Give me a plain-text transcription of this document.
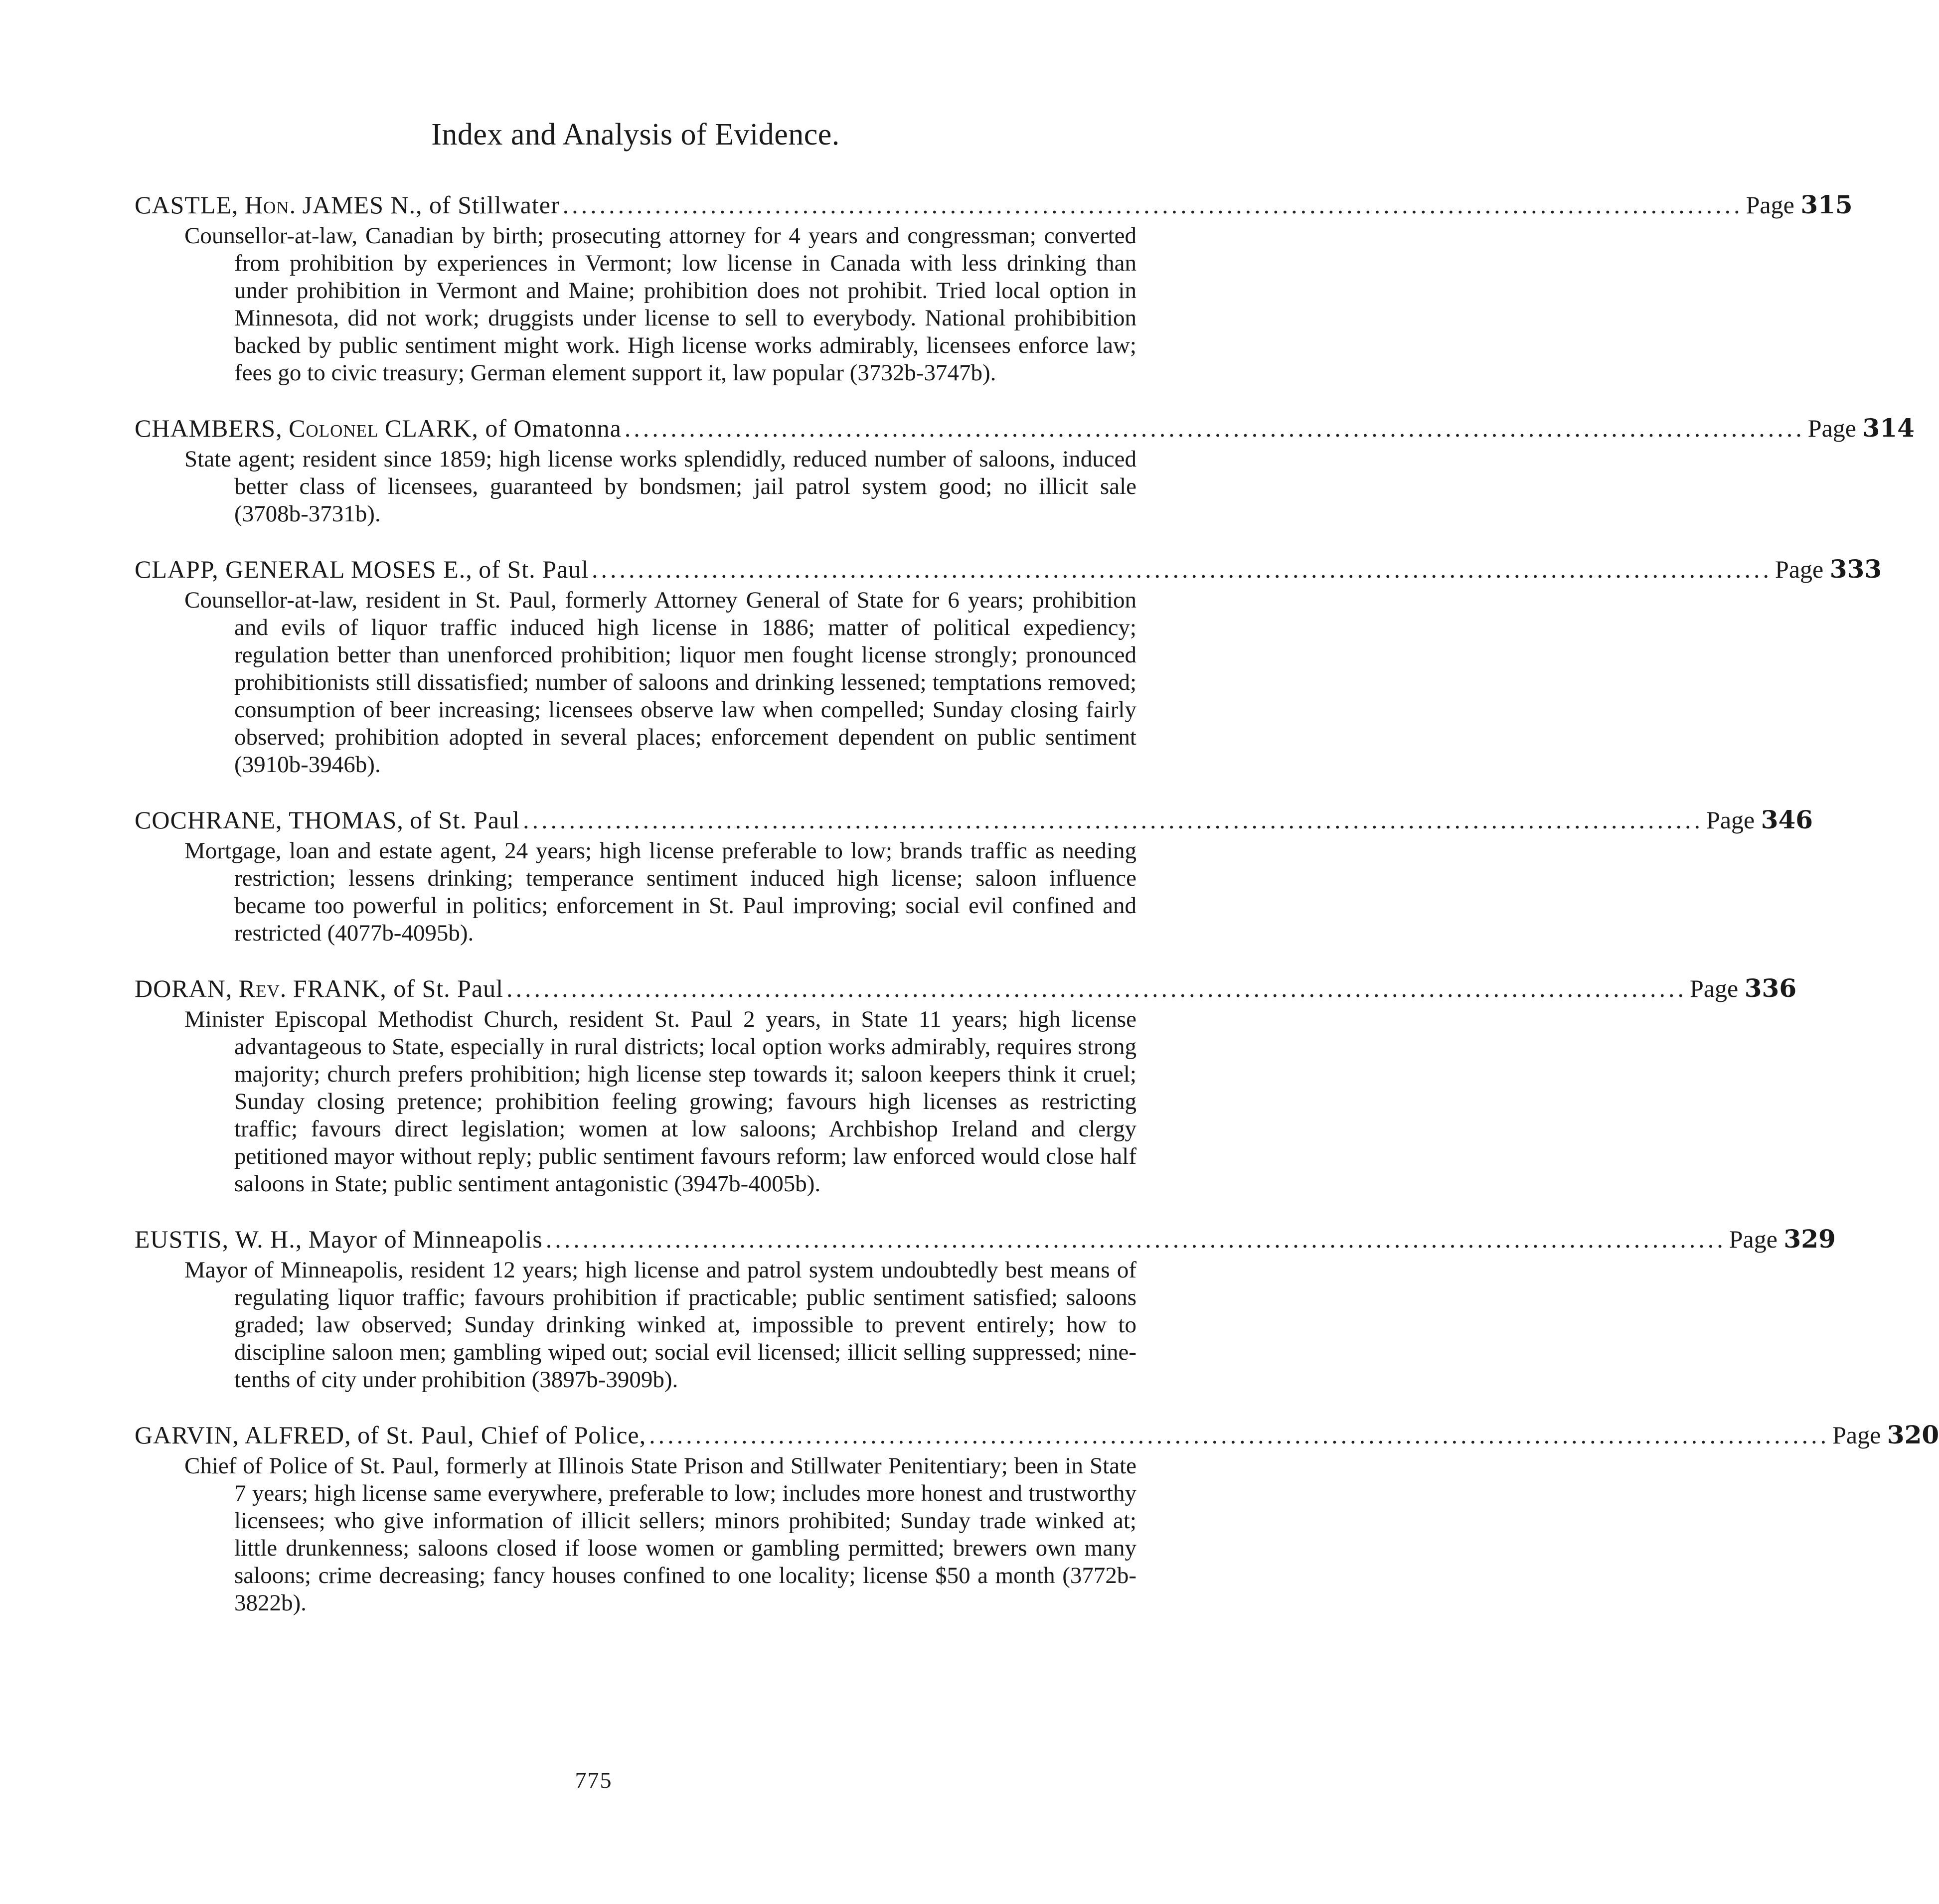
Index and Analysis of Evidence.
CASTLE,
Hon.
JAMES N., of Stillwater ................................................................................................................................ Page 315
Counsellor-at-law, Canadian by birth; prosecuting attorney for 4 years and congressman; converted from prohibition by experiences in Vermont; low license in Canada with less drinking than under prohibition in Vermont and Maine; prohibition does not prohibit. Tried local option in Minnesota, did not work; druggists under license to sell to everybody. National prohibibition backed by public sentiment might work. High license works admirably, licensees enforce law; fees go to civic treasury; German element support it, law popular (3732b-3747b).
CHAMBERS,
Colonel
CLARK, of Omatonna ................................................................................................................................ Page 314
State agent; resident since 1859; high license works splendidly, reduced number of saloons, induced better class of licensees, guaranteed by bondsmen; jail patrol system good; no illicit sale (3708b-3731b).
CLAPP, GENERAL MOSES E.,
of St. Paul ................................................................................................................................ Page 333
Counsellor-at-law, resident in St. Paul, formerly Attorney General of State for 6 years; prohibition and evils of liquor traffic induced high license in 1886; matter of political expediency; regulation better than unenforced prohibition; liquor men fought license strongly; pronounced prohibitionists still dissatisfied; number of saloons and drinking lessened; temptations removed; consumption of beer increasing; licensees observe law when compelled; Sunday closing fairly observed; prohibition adopted in several places; enforcement dependent on public sentiment (3910b-3946b).
COCHRANE, THOMAS,
of St. Paul ................................................................................................................................ Page 346
Mortgage, loan and estate agent, 24 years; high license preferable to low; brands traffic as needing restriction; lessens drinking; temperance sentiment induced high license; saloon influence became too powerful in politics; enforcement in St. Paul improving; social evil confined and restricted (4077b-4095b).
DORAN,
Rev.
FRANK, of St. Paul ................................................................................................................................ Page 336
Minister Episcopal Methodist Church, resident St. Paul 2 years, in State 11 years; high license advantageous to State, especially in rural districts; local option works admirably, requires strong majority; church prefers prohibition; high license step towards it; saloon keepers think it cruel; Sunday closing pretence; prohibition feeling growing; favours high licenses as restricting traffic; favours direct legislation; women at low saloons; Archbishop Ireland and clergy petitioned mayor without reply; public sentiment favours reform; law enforced would close half saloons in State; public sentiment antagonistic (3947b-4005b).
EUSTIS, W. H.,
Mayor of Minneapolis ................................................................................................................................ Page 329
Mayor of Minneapolis, resident 12 years; high license and patrol system undoubtedly best means of regulating liquor traffic; favours prohibition if practicable; public sentiment satisfied; saloons graded; law observed; Sunday drinking winked at, impossible to prevent entirely; how to discipline saloon men; gambling wiped out; social evil licensed; illicit selling suppressed; nine-tenths of city under prohibition (3897b-3909b).
GARVIN, ALFRED,
of St. Paul, Chief of Police, ................................................................................................................................ Page 320
Chief of Police of St. Paul, formerly at Illinois State Prison and Stillwater Penitentiary; been in State 7 years; high license same everywhere, preferable to low; includes more honest and trustworthy licensees; who give information of illicit sellers; minors prohibited; Sunday trade winked at; little drunkenness; saloons closed if loose women or gambling permitted; brewers own many saloons; crime decreasing; fancy houses confined to one locality; license $50 a month (3772b-3822b).
775
